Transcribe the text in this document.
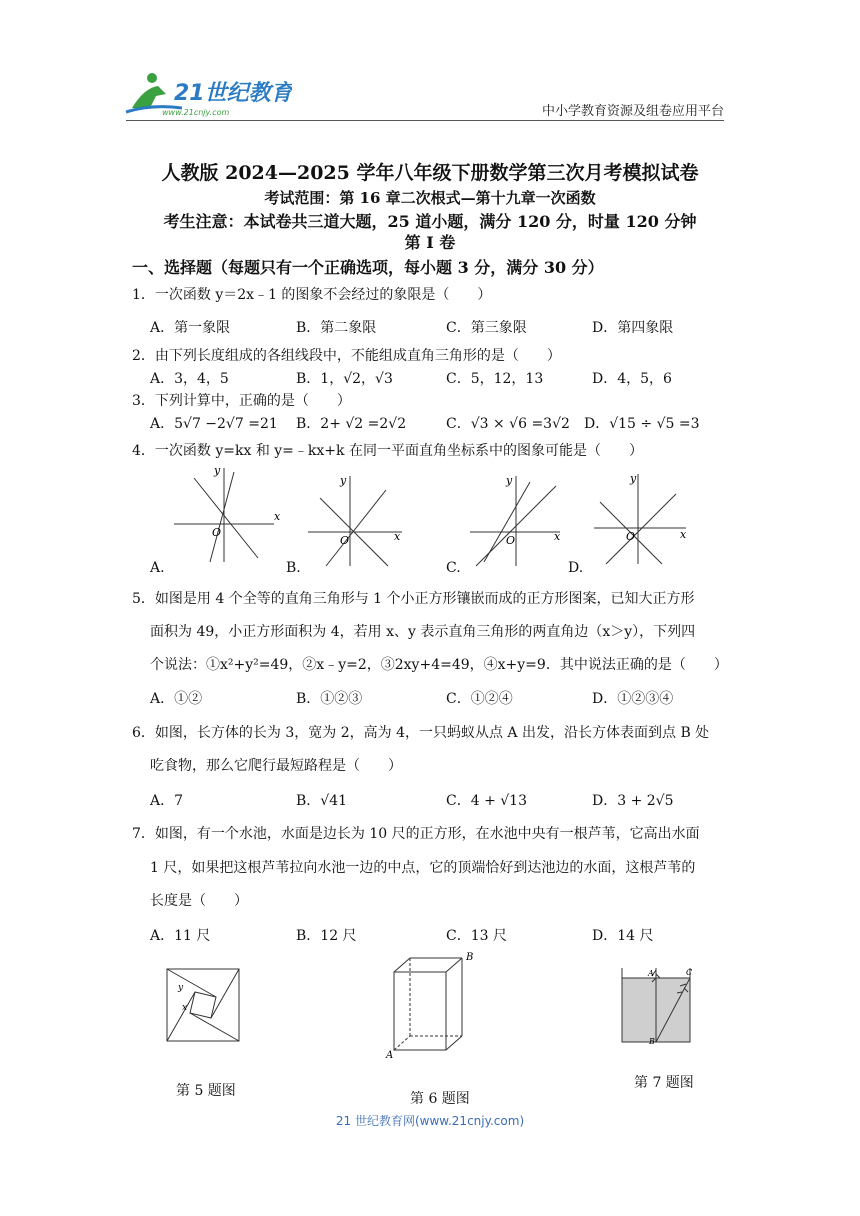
21世纪教育
www.21cnjy.com	中小学教育资源及组卷应用平台
人教版 2024—2025 学年八年级下册数学第三次月考模拟试卷
考试范围：第 16 章二次根式—第十九章一次函数
考生注意：本试卷共三道大题，25 道小题，满分 120 分，时量 120 分钟
第 I 卷
一、选择题（每题只有一个正确选项，每小题 3 分，满分 30 分）
1．一次函数 y＝2x﹣1 的图象不会经过的象限是（　　）
A．第一象限	B．第二象限	C．第三象限	D．第四象限
2．由下列长度组成的各组线段中，不能组成直角三角形的是（　　）
A．3，4，5	B．1，√2，√3	C．5，12，13	D．4，5，6
3．下列计算中，正确的是（　　）
A．5√7 −2√7 =21 B．2+ √2 =2√2	C．√3 × √6 =3√2 D．√15 ÷ √5 =3
4．一次函数 y=kx 和 y=﹣kx+k 在同一平面直角坐标系中的图象可能是（　　）
y
x
O
y
x
O
y
x
O
y
x
O
A.	B.	C.	D.
5．如图是用 4 个全等的直角三角形与 1 个小正方形镶嵌而成的正方形图案，已知大正方形
面积为 49，小正方形面积为 4，若用 x、y 表示直角三角形的两直角边（x＞y），下列四
个说法：①x²+y²=49，②x﹣y=2，③2xy+4=49，④x+y=9．其中说法正确的是（　　）
A．①②	B．①②③	C．①②④	D．①②③④
6．如图，长方体的长为 3，宽为 2，高为 4，一只蚂蚁从点 A 出发，沿长方体表面到点 B 处
吃食物，那么它爬行最短路程是（　　）
A．7	B．√41	C．4 + √13	D．3 + 2√5
7．如图，有一个水池，水面是边长为 10 尺的正方形，在水池中央有一根芦苇，它高出水面
1 尺，如果把这根芦苇拉向水池一边的中点，它的顶端恰好到达池边的水面，这根芦苇的
长度是（　　）
A．11 尺	B．12 尺	C．13 尺	D．14 尺
y
x
第 5 题图
A
B
第 6 题图
A	C
B
第 7 题图
21 世纪教育网(www.21cnjy.com)
